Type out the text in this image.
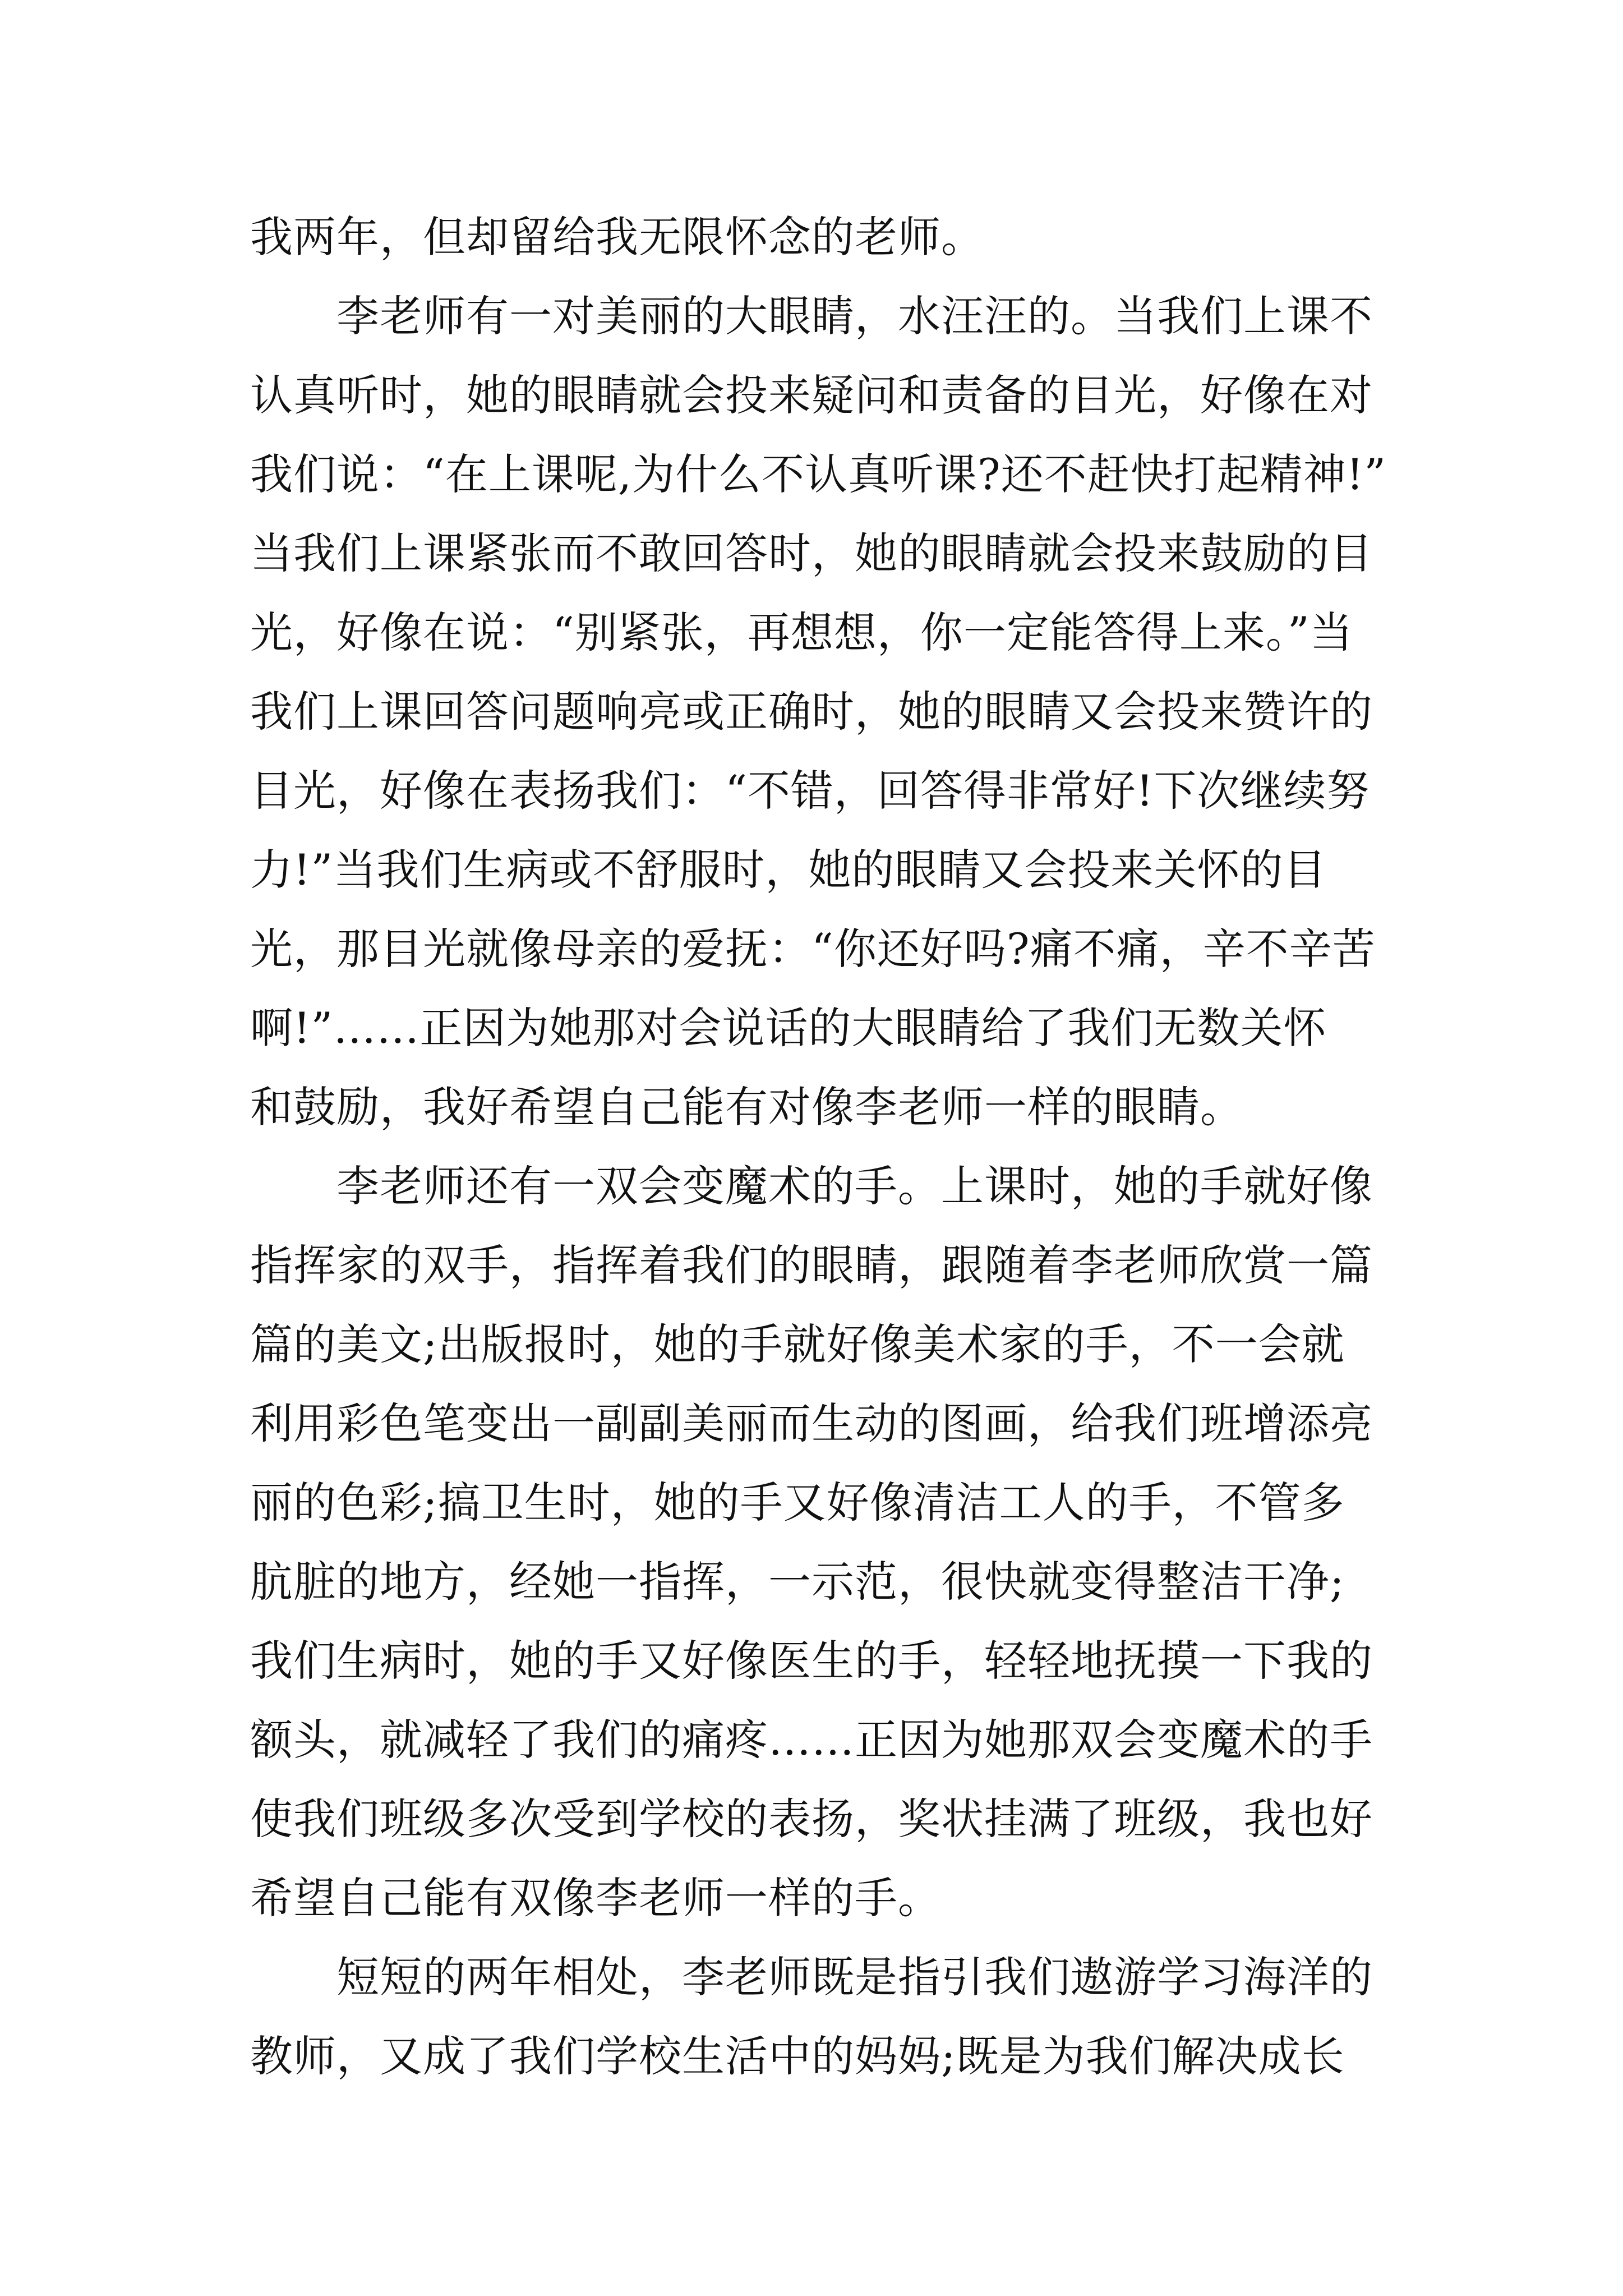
我两年，但却留给我无限怀念的老师。
　　李老师有一对美丽的大眼睛，水汪汪的。当我们上课不
认真听时，她的眼睛就会投来疑问和责备的目光，好像在对
我们说：“在上课呢,为什么不认真听课?还不赶快打起精神!”
当我们上课紧张而不敢回答时，她的眼睛就会投来鼓励的目
光，好像在说：“别紧张，再想想，你一定能答得上来。”当
我们上课回答问题响亮或正确时，她的眼睛又会投来赞许的
目光，好像在表扬我们：“不错，回答得非常好!下次继续努
力!”当我们生病或不舒服时，她的眼睛又会投来关怀的目
光，那目光就像母亲的爱抚：“你还好吗?痛不痛，辛不辛苦
啊!”……正因为她那对会说话的大眼睛给了我们无数关怀
和鼓励，我好希望自己能有对像李老师一样的眼睛。
　　李老师还有一双会变魔术的手。上课时，她的手就好像
指挥家的双手，指挥着我们的眼睛，跟随着李老师欣赏一篇
篇的美文;出版报时，她的手就好像美术家的手，不一会就
利用彩色笔变出一副副美丽而生动的图画，给我们班增添亮
丽的色彩;搞卫生时，她的手又好像清洁工人的手，不管多
肮脏的地方，经她一指挥，一示范，很快就变得整洁干净;
我们生病时，她的手又好像医生的手，轻轻地抚摸一下我的
额头，就减轻了我们的痛疼……正因为她那双会变魔术的手
使我们班级多次受到学校的表扬，奖状挂满了班级，我也好
希望自己能有双像李老师一样的手。
　　短短的两年相处，李老师既是指引我们遨游学习海洋的
教师，又成了我们学校生活中的妈妈;既是为我们解决成长
